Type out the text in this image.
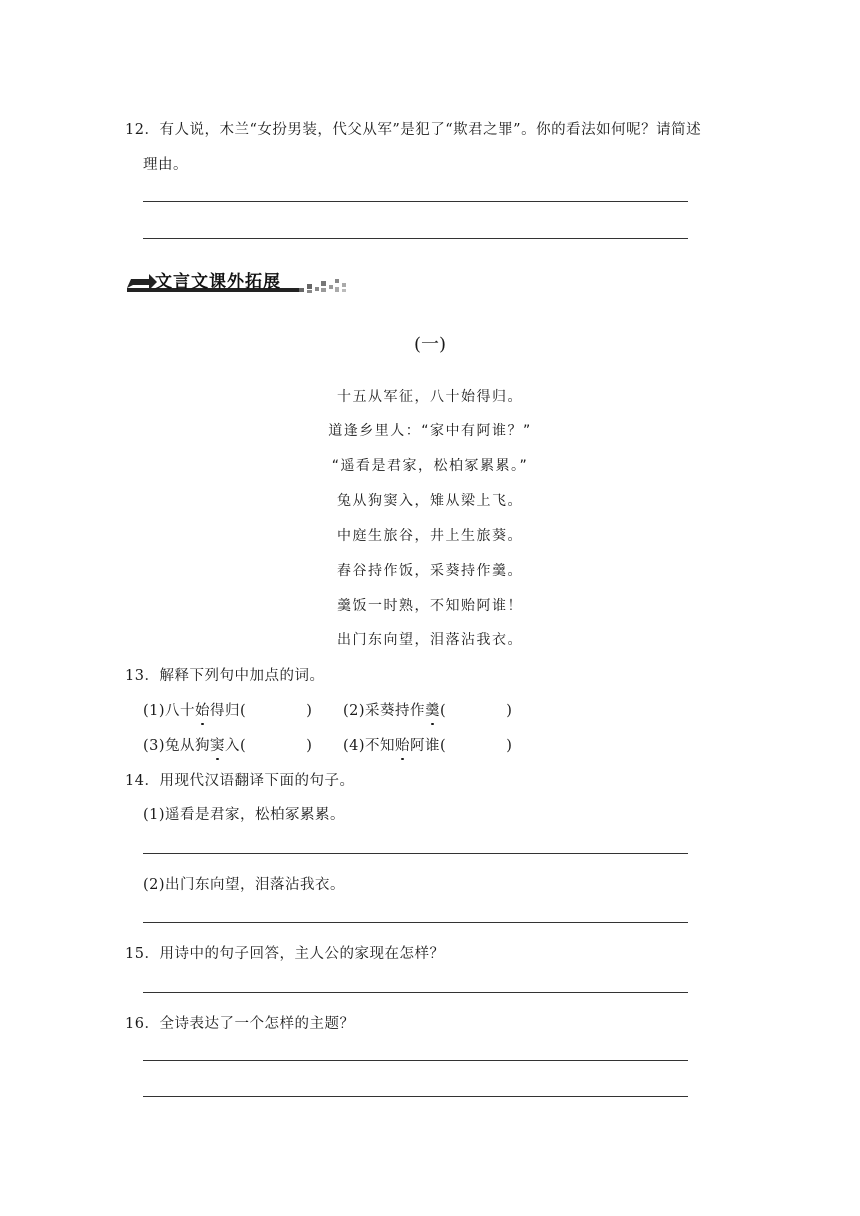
12．有人说，木兰“女扮男装，代父从军”是犯了“欺君之罪”。你的看法如何呢？请简述
理由。
文言文课外拓展
(一)
十五从军征，八十始得归。
道逢乡里人：“家中有阿谁？”
“遥看是君家，松柏冢累累。”
兔从狗窦入，雉从梁上飞。
中庭生旅谷，井上生旅葵。
舂谷持作饭，采葵持作羹。
羹饭一时熟，不知贻阿谁！
出门东向望，泪落沾我衣。
13．解释下列句中加点的词。
(1)八十始得归(	) (2)采葵持作羹(	)
(3)兔从狗窦入(	) (4)不知贻阿谁(	)
14．用现代汉语翻译下面的句子。
(1)遥看是君家，松柏冢累累。
(2)出门东向望，泪落沾我衣。
15．用诗中的句子回答，主人公的家现在怎样？
16．全诗表达了一个怎样的主题？
